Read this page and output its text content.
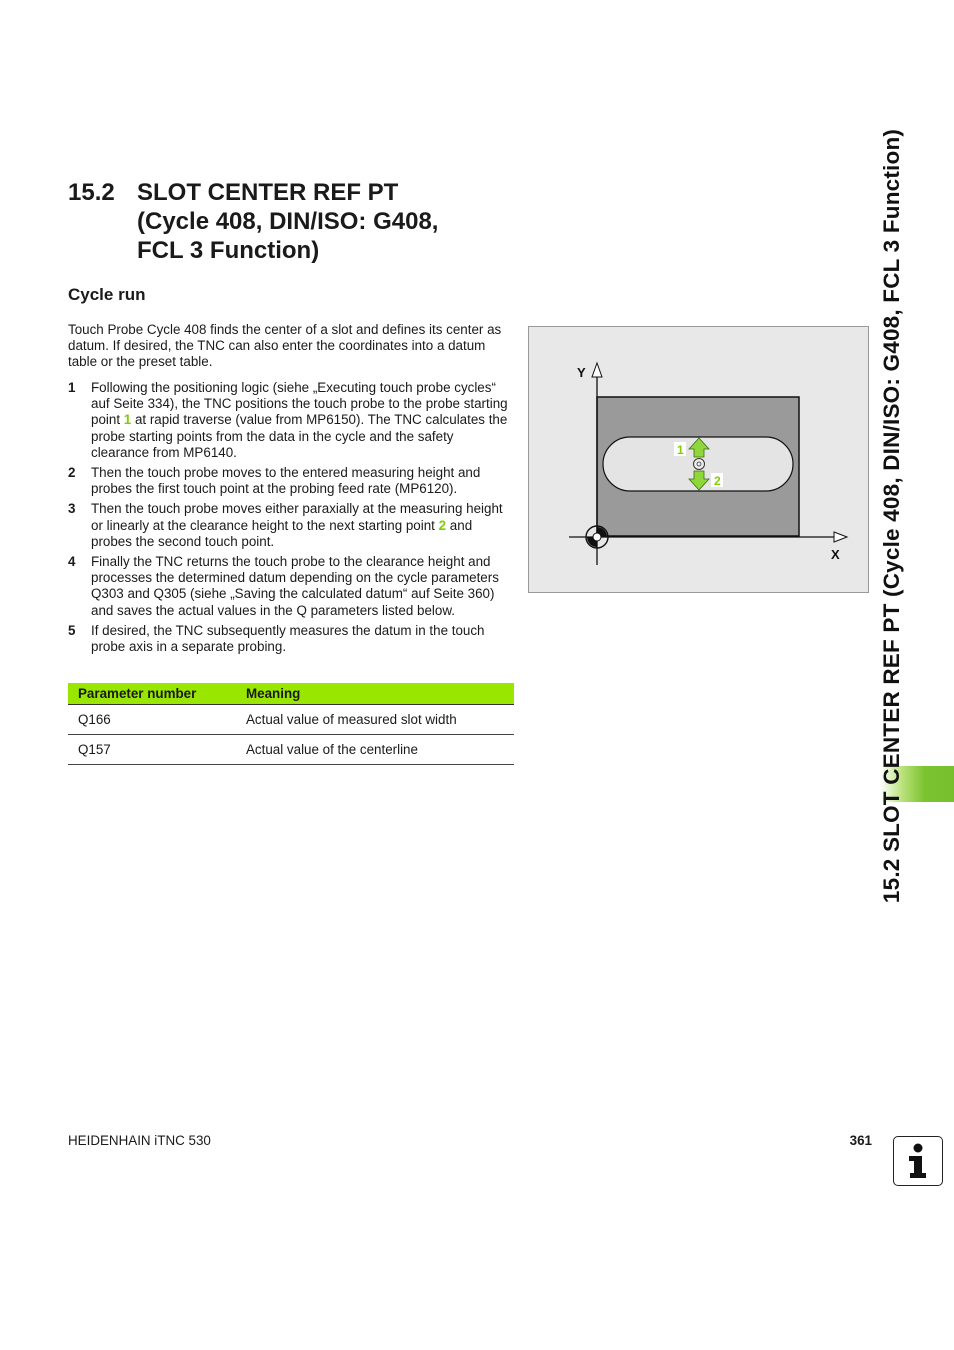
15.2 SLOT CENTER REF PT
(Cycle 408, DIN/ISO: G408,
FCL 3 Function)
Cycle run

Touch Probe Cycle 408 finds the center of a slot and defines its center as datum. If desired, the TNC can also enter the coordinates into a datum table or the preset table.

1 Following the positioning logic (siehe „Executing touch probe cycles“ auf Seite 334), the TNC positions the touch probe to the probe starting point 1 at rapid traverse (value from MP6150). The TNC calculates the probe starting points from the data in the cycle and the safety clearance from MP6140.
2 Then the touch probe moves to the entered measuring height and probes the first touch point at the probing feed rate (MP6120).
3 Then the touch probe moves either paraxially at the measuring height or linearly at the clearance height to the next starting point 2 and probes the second touch point.
4 Finally the TNC returns the touch probe to the clearance height and processes the determined datum depending on the cycle parameters Q303 and Q305 (siehe „Saving the calculated datum“ auf Seite 360) and saves the actual values in the Q parameters listed below.
5 If desired, the TNC subsequently measures the datum in the touch probe axis in a separate probing.
Parameter number	Meaning
Q166	Actual value of measured slot width
Q157	Actual value of the centerline
Y
X
1
2	15.2 SLOT CENTER REF PT (Cycle 408, DIN/ISO: G408, FCL 3 Function)
HEIDENHAIN iTNC 530	361
